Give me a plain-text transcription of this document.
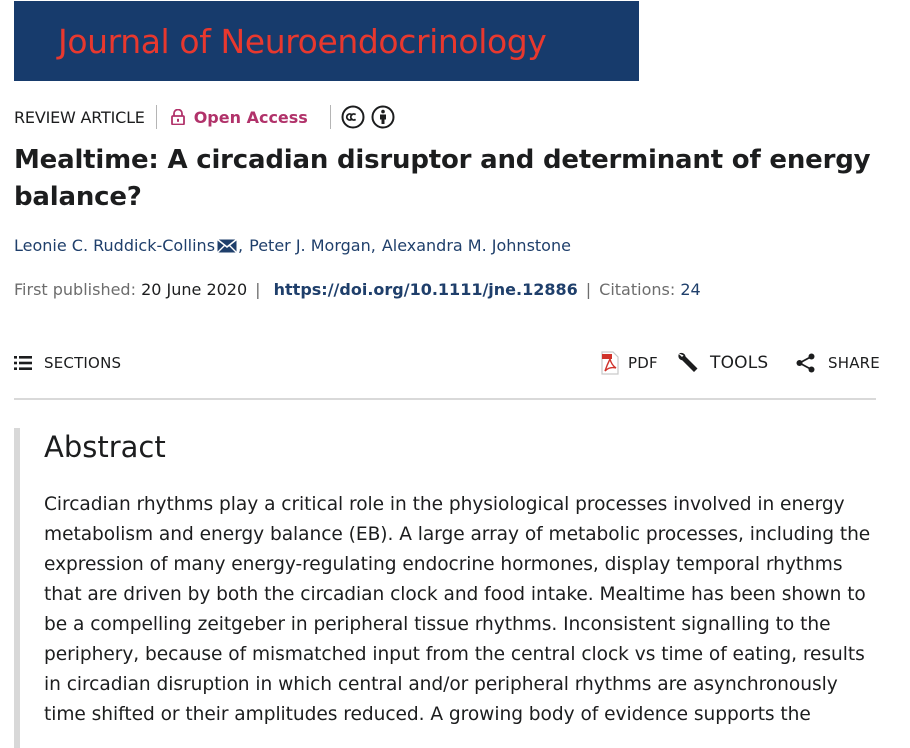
Journal of Neuroendocrinology
REVIEW ARTICLE	Open Access
Mealtime: A circadian disruptor and determinant of energy balance?
Leonie C. Ruddick-Collins , Peter J. Morgan , Alexandra M. Johnstone
First published: 20 June 2020 | https://doi.org/10.1111/jne.12886 | Citations: 24
SECTIONS	PDF	TOOLS	SHARE
Abstract

Circadian rhythms play a critical role in the physiological processes involved in energy metabolism and energy balance (EB). A large array of metabolic processes, including the expression of many energy-regulating endocrine hormones, display temporal rhythms that are driven by both the circadian clock and food intake. Mealtime has been shown to be a compelling zeitgeber in peripheral tissue rhythms. Inconsistent signalling to the periphery, because of mismatched input from the central clock vs time of eating, results in circadian disruption in which central and/or peripheral rhythms are asynchronously time shifted or their amplitudes reduced. A growing body of evidence supports the
